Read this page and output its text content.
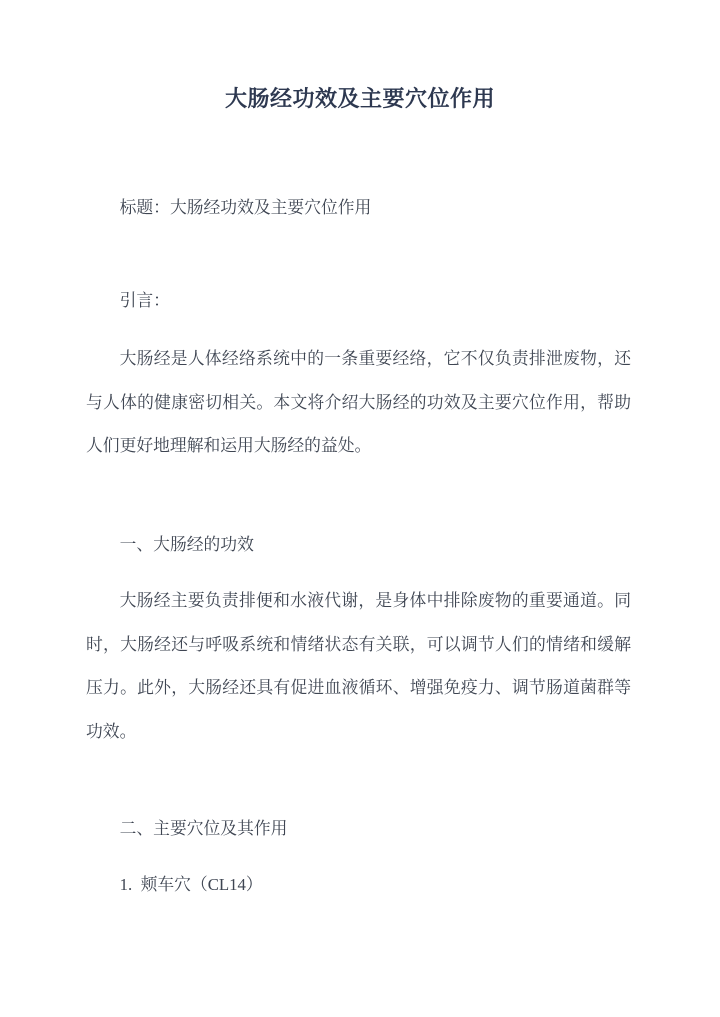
大肠经功效及主要穴位作用
标题：大肠经功效及主要穴位作用
引言：
大肠经是人体经络系统中的一条重要经络，它不仅负责排泄废物，还
与人体的健康密切相关。本文将介绍大肠经的功效及主要穴位作用，帮助
人们更好地理解和运用大肠经的益处。
一、大肠经的功效
大肠经主要负责排便和水液代谢，是身体中排除废物的重要通道。同
时，大肠经还与呼吸系统和情绪状态有关联，可以调节人们的情绪和缓解
压力。此外，大肠经还具有促进血液循环、增强免疫力、调节肠道菌群等
功效。
二、主要穴位及其作用
1.  颊车穴（CL14）
